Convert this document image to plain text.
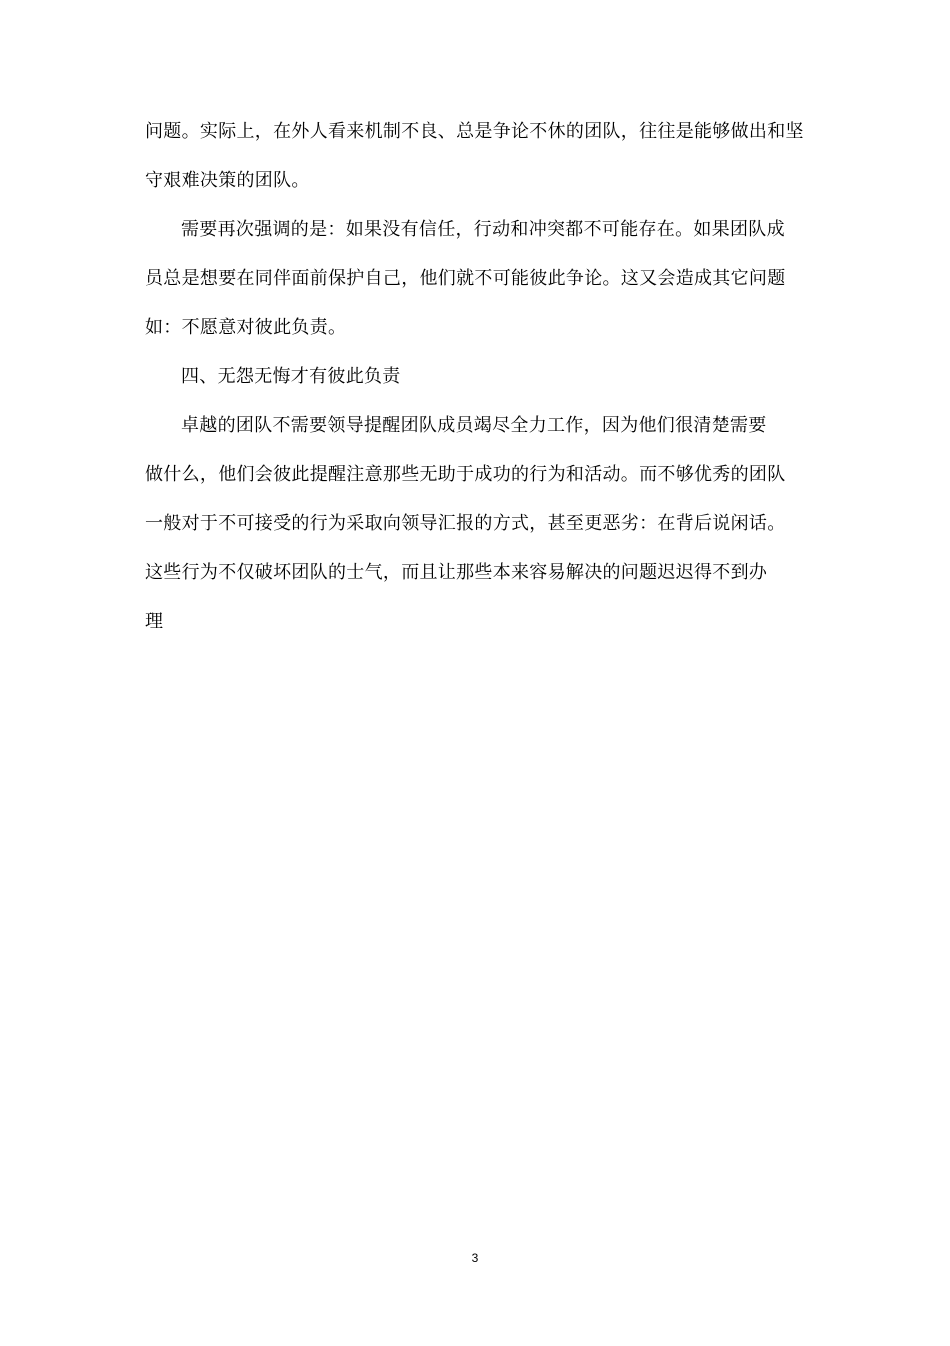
问题。实际上，在外人看来机制不良、总是争论不休的团队，往往是能够做出和坚
守艰难决策的团队。
需要再次强调的是：如果没有信任，行动和冲突都不可能存在。如果团队成
员总是想要在同伴面前保护自己，他们就不可能彼此争论。这又会造成其它问题
如：不愿意对彼此负责。
四、无怨无悔才有彼此负责
卓越的团队不需要领导提醒团队成员竭尽全力工作，因为他们很清楚需要
做什么，他们会彼此提醒注意那些无助于成功的行为和活动。而不够优秀的团队
一般对于不可接受的行为采取向领导汇报的方式，甚至更恶劣：在背后说闲话。
这些行为不仅破坏团队的士气，而且让那些本来容易解决的问题迟迟得不到办
理
3
